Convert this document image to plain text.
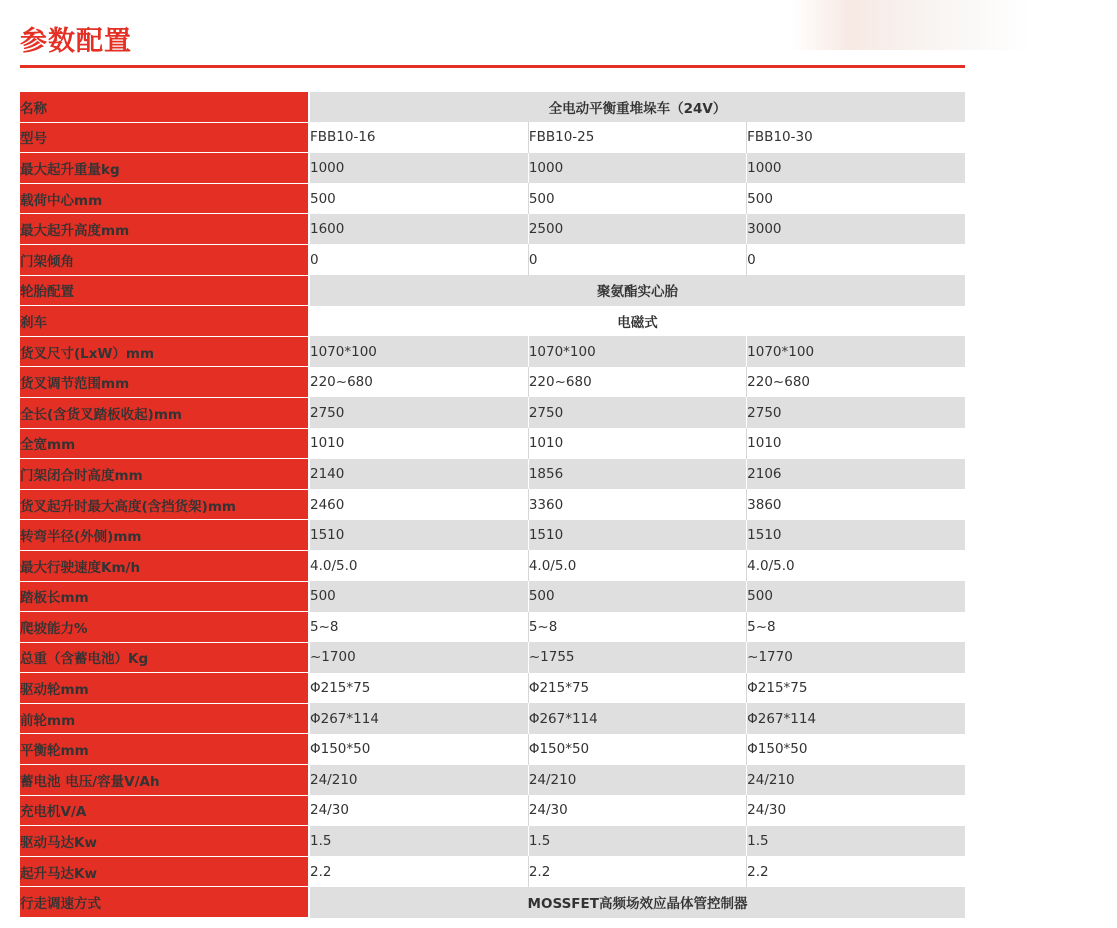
参数配置
名称		全电动平衡重堆垛车（24V）		
型号		FBB10-16	FBB10-25	FBB10-30
最大起升重量kg		1000	1000	1000
载荷中心mm		500	500	500
最大起升高度mm		1600	2500	3000
门架倾角		0	0	0
轮胎配置		聚氨酯实心胎		
刹车		电磁式		
货叉尺寸(LxW）mm		1070*100	1070*100	1070*100
货叉调节范围mm		220~680	220~680	220~680
全长(含货叉踏板收起)mm		2750	2750	2750
全宽mm		1010	1010	1010
门架闭合时高度mm		2140	1856	2106
货叉起升时最大高度(含挡货架)mm		2460	3360	3860
转弯半径(外侧)mm		1510	1510	1510
最大行驶速度Km/h		4.0/5.0	4.0/5.0	4.0/5.0
踏板长mm		500	500	500
爬坡能力%		5~8	5~8	5~8
总重（含蓄电池）Kg		~1700	~1755	~1770
驱动轮mm		Φ215*75	Φ215*75	Φ215*75
前轮mm		Φ267*114	Φ267*114	Φ267*114
平衡轮mm		Φ150*50	Φ150*50	Φ150*50
蓄电池 电压/容量V/Ah		24/210	24/210	24/210
充电机V/A		24/30	24/30	24/30
驱动马达Kw		1.5	1.5	1.5
起升马达Kw		2.2	2.2	2.2
行走调速方式		MOSSFET高频场效应晶体管控制器		
